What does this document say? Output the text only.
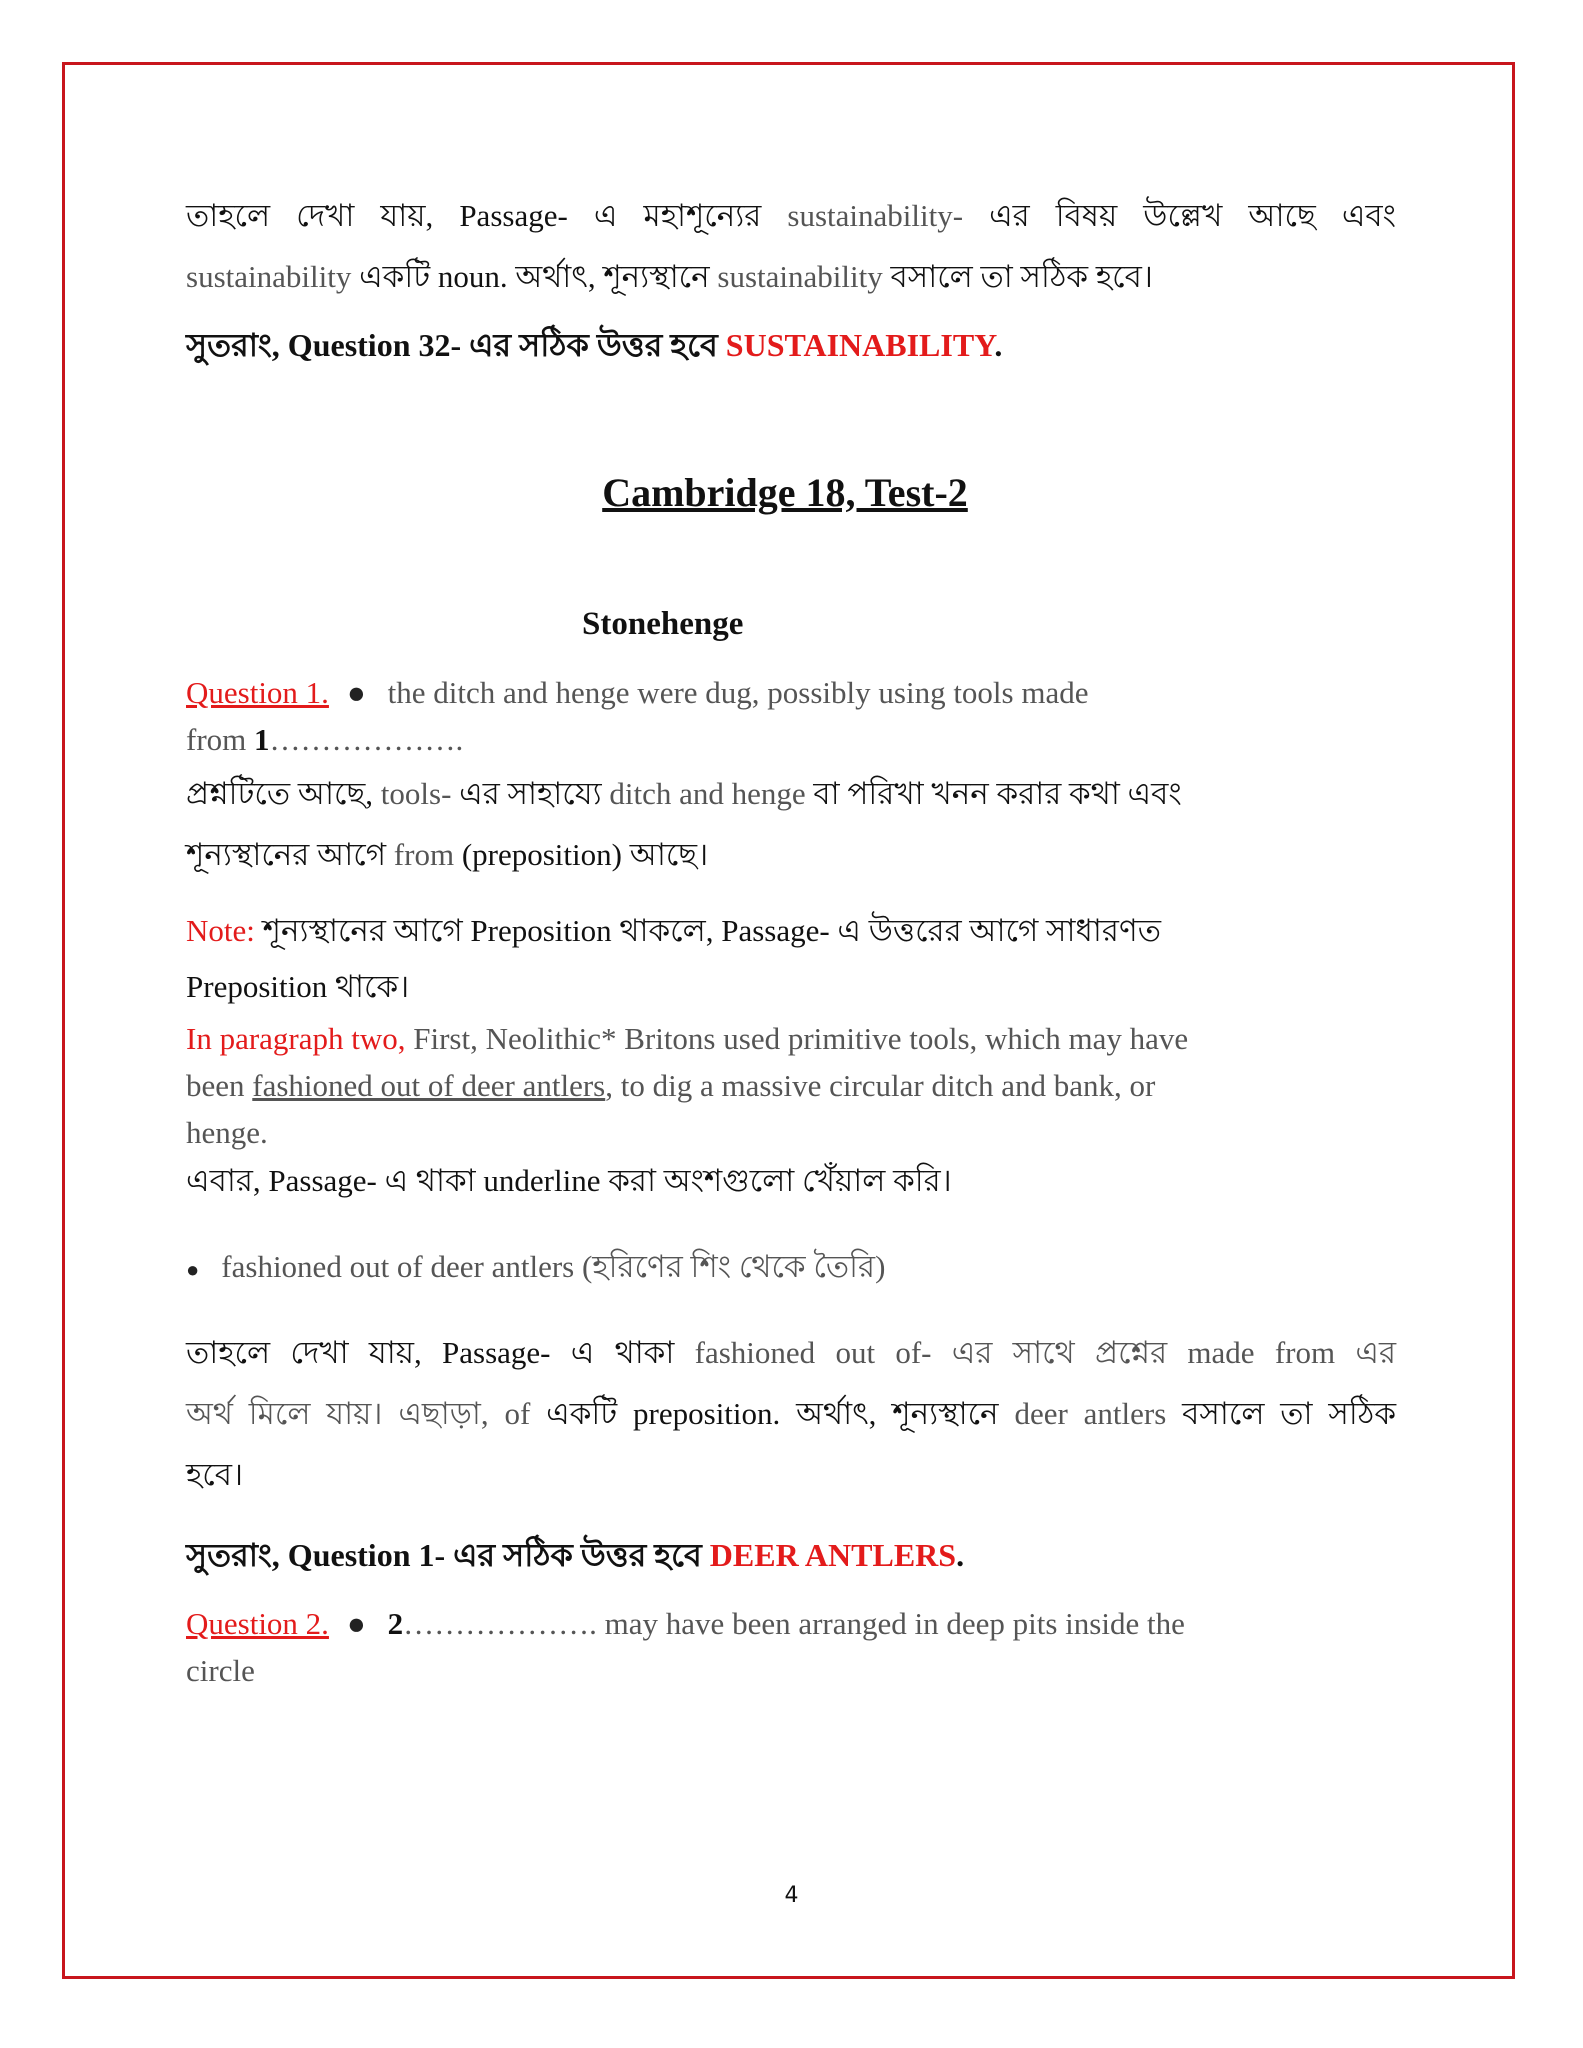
তাহলে দেখা যায়, Passage- এ মহাশূন্যের sustainability- এর বিষয় উল্লেখ আছে এবং

sustainability একটি noun. অর্থাৎ, শূন্যস্থানে sustainability বসালে তা সঠিক হবে।

সুতরাং, Question 32- এর সঠিক উত্তর হবে SUSTAINABILITY.

Cambridge 18, Test-2

Stonehenge

Question 1. ● the ditch and henge were dug, possibly using tools made
from 1……………….

প্রশ্নটিতে আছে, tools- এর সাহায্যে ditch and henge বা পরিখা খনন করার কথা এবং

শূন্যস্থানের আগে from (preposition) আছে।

Note: শূন্যস্থানের আগে Preposition থাকলে, Passage- এ উত্তরের আগে সাধারণত
Preposition থাকে।

In paragraph two, First, Neolithic* Britons used primitive tools, which may have
been fashioned out of deer antlers, to dig a massive circular ditch and bank, or
henge.

এবার, Passage- এ থাকা underline করা অংশগুলো খেঁয়াল করি।

● fashioned out of deer antlers (হরিণের শিং থেকে তৈরি)

তাহলে দেখা যায়, Passage- এ থাকা fashioned out of- এর সাথে প্রশ্নের made from এর

অর্থ মিলে যায়। এছাড়া, of একটি preposition. অর্থাৎ, শূন্যস্থানে deer antlers বসালে তা সঠিক

হবে।

সুতরাং, Question 1- এর সঠিক উত্তর হবে DEER ANTLERS.

Question 2. ● 2………………. may have been arranged in deep pits inside the
circle

4
